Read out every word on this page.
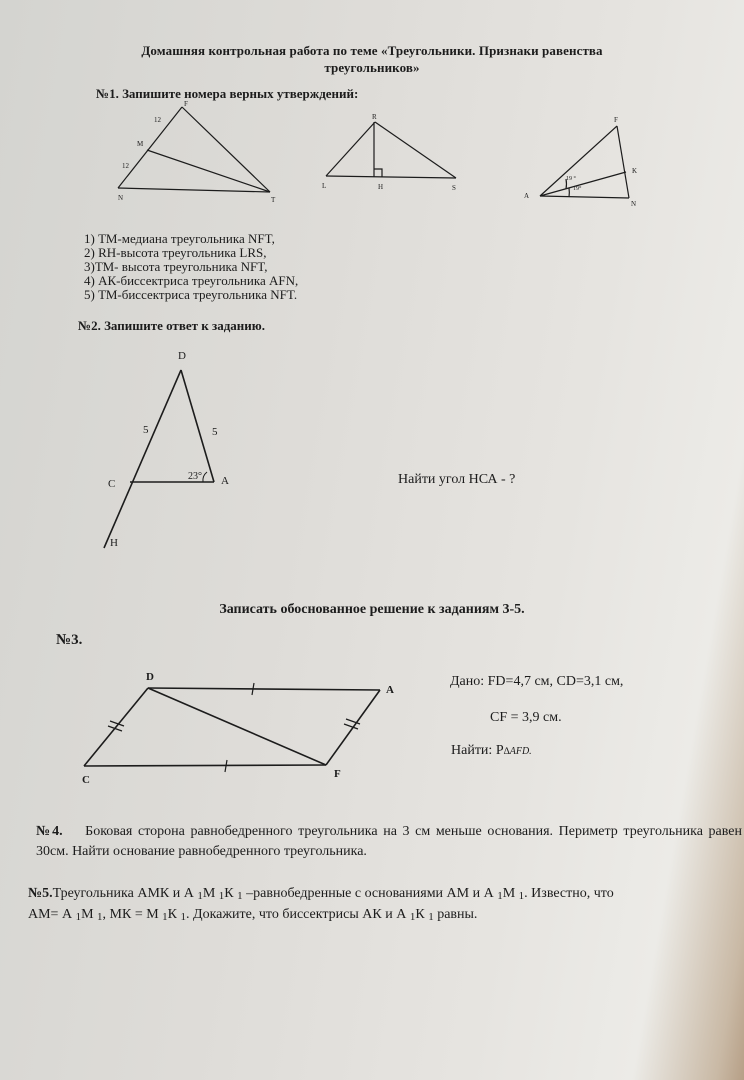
Домашняя контрольная работа по теме «Треугольники. Признаки равенства
треугольников»
№1. Запишите номера верных утверждений:
F
M
N	T
12
12
R
L	H	S
F
K
A
N
19 °
19°
D
C	A
H
5	5
23°
D
A
C	F
1) ТМ-медиана треугольника NFT,
2) RH-высота треугольника LRS,
3)ТМ- высота треугольника NFT,
4) АК-биссектриса треугольника AFN,
5) ТМ-биссектриса треугольника NFT.
№2. Запишите ответ к заданию.
Найти угол НСА - ?
Записать обоснованное решение к заданиям 3-5.
№3.
Дано: FD=4,7 см, CD=3,1 см,
CF = 3,9 см.
Найти: P∆AFD.
№4. Боковая сторона равнобедренного треугольника на 3 см меньше основания. Периметр треугольника равен 30см. Найти основание равнобедренного треугольника.
№5.Треугольника АМК и А 1М 1К 1 –равнобедренные с основаниями АМ и А 1М 1. Известно, что
АМ= А 1М 1, МК = М 1К 1. Докажите, что биссектрисы АК и А 1К 1 равны.
